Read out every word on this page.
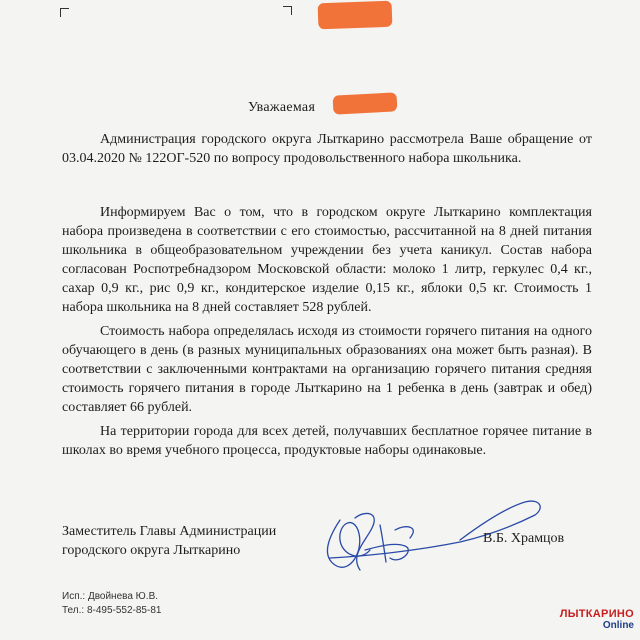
Уважаемая

Администрация городского округа Лыткарино рассмотрела Ваше обращение от 03.04.2020 № 122ОГ-520 по вопросу продовольственного набора школьника.

Информируем Вас о том, что в городском округе Лыткарино комплектация набора произведена в соответствии с его стоимостью, рассчитанной на 8 дней питания школьника в общеобразовательном учреждении без учета каникул. Состав набора согласован Роспотребнадзором Московской области: молоко 1 литр, геркулес 0,4 кг., сахар 0,9 кг., рис 0,9 кг., кондитерское изделие 0,15 кг., яблоки 0,5 кг. Стоимость 1 набора школьника на 8 дней составляет 528 рублей.

Стоимость набора определялась исходя из стоимости горячего питания на одного обучающего в день (в разных муниципальных образованиях она может быть разная). В соответствии с заключенными контрактами на организацию горячего питания средняя стоимость горячего питания в городе Лыткарино на 1 ребенка в день (завтрак и обед) составляет 66 рублей.

На территории города для всех детей, получавших бесплатное горячее питание в школах во время учебного процесса, продуктовые наборы одинаковые.

Заместитель Главы Администрации
городского округа Лыткарино
В.Б. Храмцов
Исп.: Двойнева Ю.В.
Тел.: 8-495-552-85-81	ЛЫТКАРИНО
Online
